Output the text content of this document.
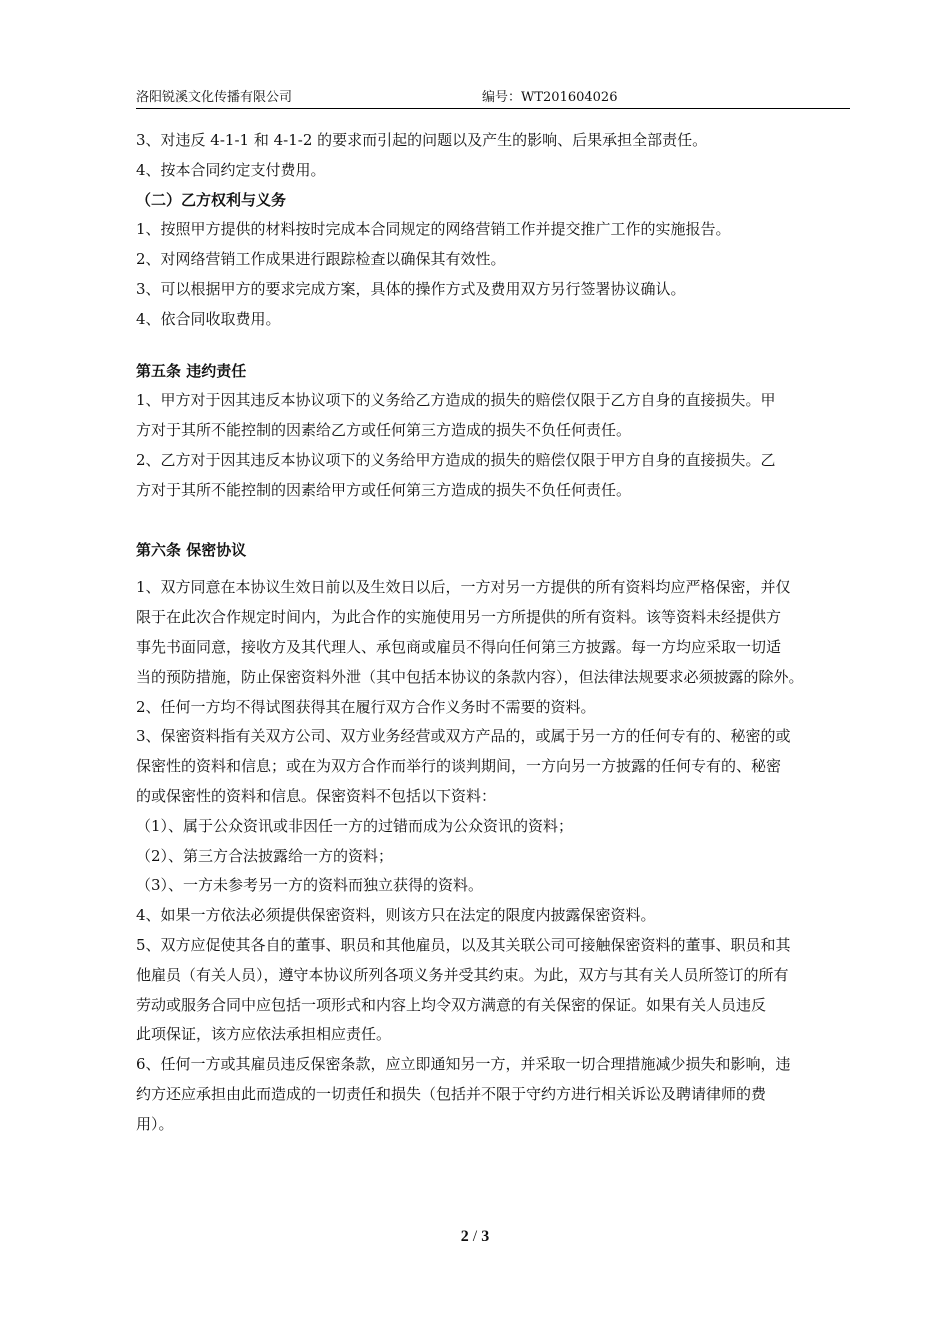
洛阳锐溪文化传播有限公司	编号：WT201604026
3、对违反 4-1-1 和 4-1-2 的要求而引起的问题以及产生的影响、后果承担全部责任。
4、按本合同约定支付费用。
（二）乙方权利与义务
1、按照甲方提供的材料按时完成本合同规定的网络营销工作并提交推广工作的实施报告。
2、对网络营销工作成果进行跟踪检查以确保其有效性。
3、可以根据甲方的要求完成方案，具体的操作方式及费用双方另行签署协议确认。
4、依合同收取费用。
第五条 违约责任
1、甲方对于因其违反本协议项下的义务给乙方造成的损失的赔偿仅限于乙方自身的直接损失。甲
方对于其所不能控制的因素给乙方或任何第三方造成的损失不负任何责任。
2、乙方对于因其违反本协议项下的义务给甲方造成的损失的赔偿仅限于甲方自身的直接损失。乙
方对于其所不能控制的因素给甲方或任何第三方造成的损失不负任何责任。
第六条 保密协议
1、双方同意在本协议生效日前以及生效日以后，一方对另一方提供的所有资料均应严格保密，并仅
限于在此次合作规定时间内，为此合作的实施使用另一方所提供的所有资料。该等资料未经提供方
事先书面同意，接收方及其代理人、承包商或雇员不得向任何第三方披露。每一方均应采取一切适
当的预防措施，防止保密资料外泄（其中包括本协议的条款内容），但法律法规要求必须披露的除外。
2、任何一方均不得试图获得其在履行双方合作义务时不需要的资料。
3、保密资料指有关双方公司、双方业务经营或双方产品的，或属于另一方的任何专有的、秘密的或
保密性的资料和信息；或在为双方合作而举行的谈判期间，一方向另一方披露的任何专有的、秘密
的或保密性的资料和信息。保密资料不包括以下资料：
（1）、属于公众资讯或非因任一方的过错而成为公众资讯的资料；
（2）、第三方合法披露给一方的资料；
（3）、一方未参考另一方的资料而独立获得的资料。
4、如果一方依法必须提供保密资料，则该方只在法定的限度内披露保密资料。
5、双方应促使其各自的董事、职员和其他雇员，以及其关联公司可接触保密资料的董事、职员和其
他雇员（有关人员），遵守本协议所列各项义务并受其约束。为此，双方与其有关人员所签订的所有
劳动或服务合同中应包括一项形式和内容上均令双方满意的有关保密的保证。如果有关人员违反
此项保证，该方应依法承担相应责任。
6、任何一方或其雇员违反保密条款，应立即通知另一方，并采取一切合理措施减少损失和影响，违
约方还应承担由此而造成的一切责任和损失（包括并不限于守约方进行相关诉讼及聘请律师的费
用）。
2 / 3
